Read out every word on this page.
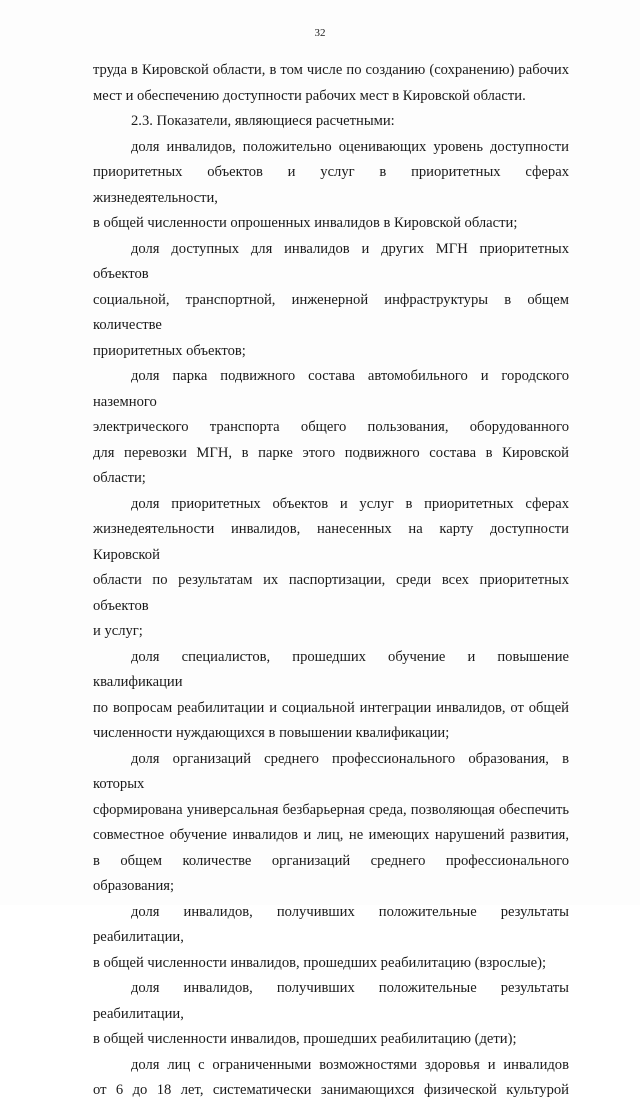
32
труда в Кировской области, в том числе по созданию (сохранению) рабочих
мест и обеспечению доступности рабочих мест в Кировской области.
2.3. Показатели, являющиеся расчетными:
доля инвалидов, положительно оценивающих уровень доступности
приоритетных объектов и услуг в приоритетных сферах жизнедеятельности,
в общей численности опрошенных инвалидов в Кировской области;
доля доступных для инвалидов и других МГН приоритетных объектов
социальной, транспортной, инженерной инфраструктуры в общем количестве
приоритетных объектов;
доля парка подвижного состава автомобильного и городского наземного
электрического транспорта общего пользования, оборудованного
для перевозки МГН, в парке этого подвижного состава в Кировской области;
доля приоритетных объектов и услуг в приоритетных сферах
жизнедеятельности инвалидов, нанесенных на карту доступности Кировской
области по результатам их паспортизации, среди всех приоритетных объектов
и услуг;
доля специалистов, прошедших обучение и повышение квалификации
по вопросам реабилитации и социальной интеграции инвалидов, от общей
численности нуждающихся в повышении квалификации;
доля организаций среднего профессионального образования, в которых
сформирована универсальная безбарьерная среда, позволяющая обеспечить
совместное обучение инвалидов и лиц, не имеющих нарушений развития,
в общем количестве организаций среднего профессионального образования;
доля инвалидов, получивших положительные результаты реабилитации,
в общей численности инвалидов, прошедших реабилитацию (взрослые);
доля инвалидов, получивших положительные результаты реабилитации,
в общей численности инвалидов, прошедших реабилитацию (дети);
доля лиц с ограниченными возможностями здоровья и инвалидов
от 6 до 18 лет, систематически занимающихся физической культурой
